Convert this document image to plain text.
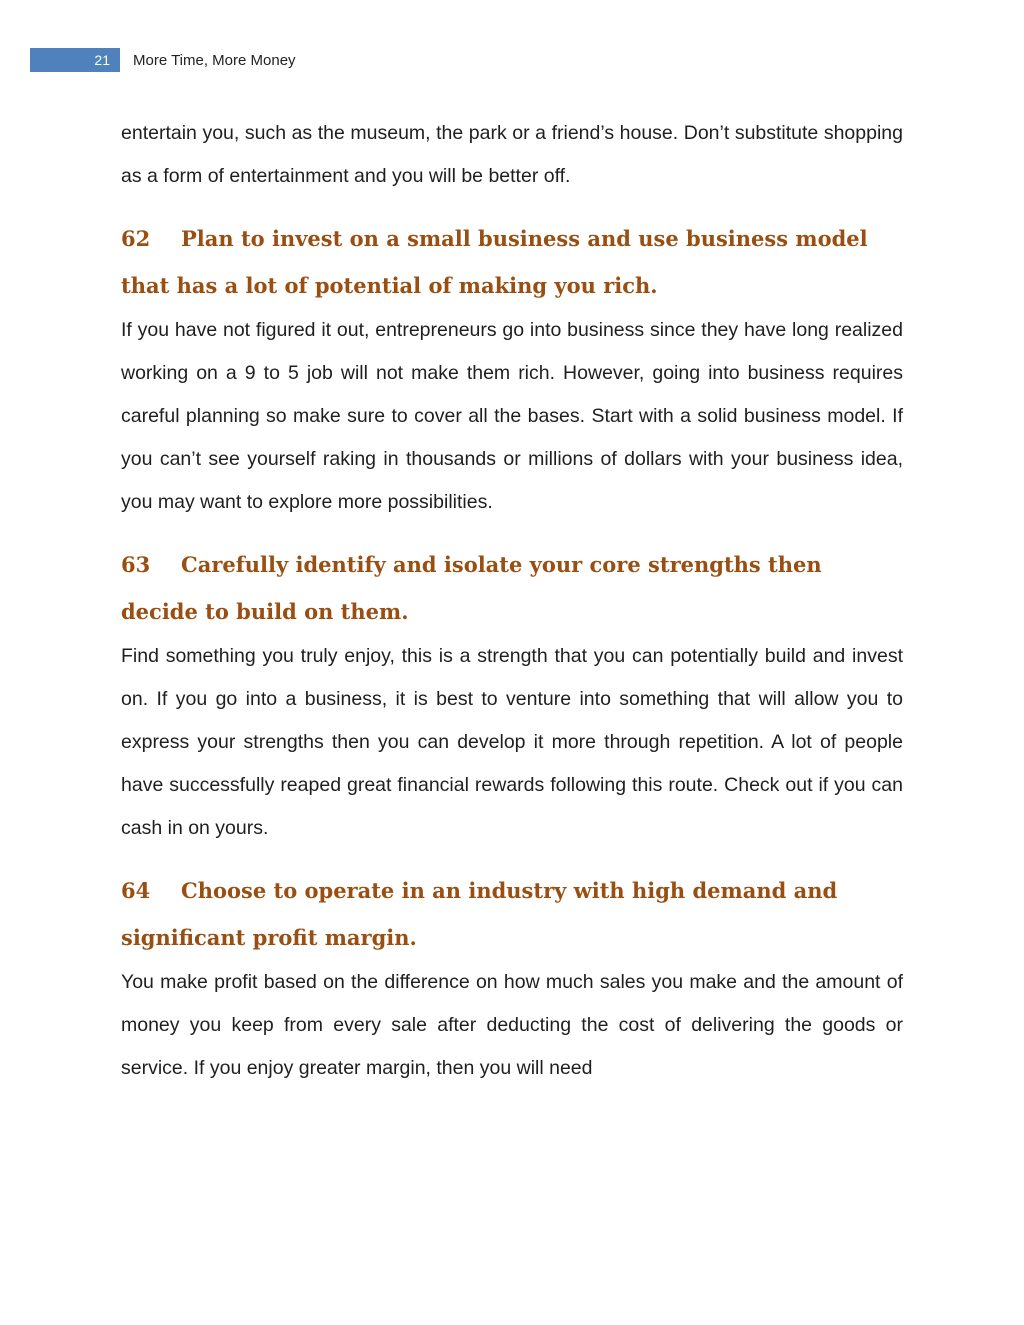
21	More Time, More Money

entertain you, such as the museum, the park or a friend’s house. Don’t substitute shopping as a form of entertainment and you will be better off.

62 Plan to invest on a small business and use business model that has a lot of potential of making you rich.

If you have not figured it out, entrepreneurs go into business since they have long realized working on a 9 to 5 job will not make them rich. However, going into business requires careful planning so make sure to cover all the bases. Start with a solid business model. If you can’t see yourself raking in thousands or millions of dollars with your business idea, you may want to explore more possibilities.

63 Carefully identify and isolate your core strengths then decide to build on them.

Find something you truly enjoy, this is a strength that you can potentially build and invest on. If you go into a business, it is best to venture into something that will allow you to express your strengths then you can develop it more through repetition. A lot of people have successfully reaped great financial rewards following this route. Check out if you can cash in on yours.

64 Choose to operate in an industry with high demand and significant profit margin.

You make profit based on the difference on how much sales you make and the amount of money you keep from every sale after deducting the cost of delivering the goods or service. If you enjoy greater margin, then you will need
